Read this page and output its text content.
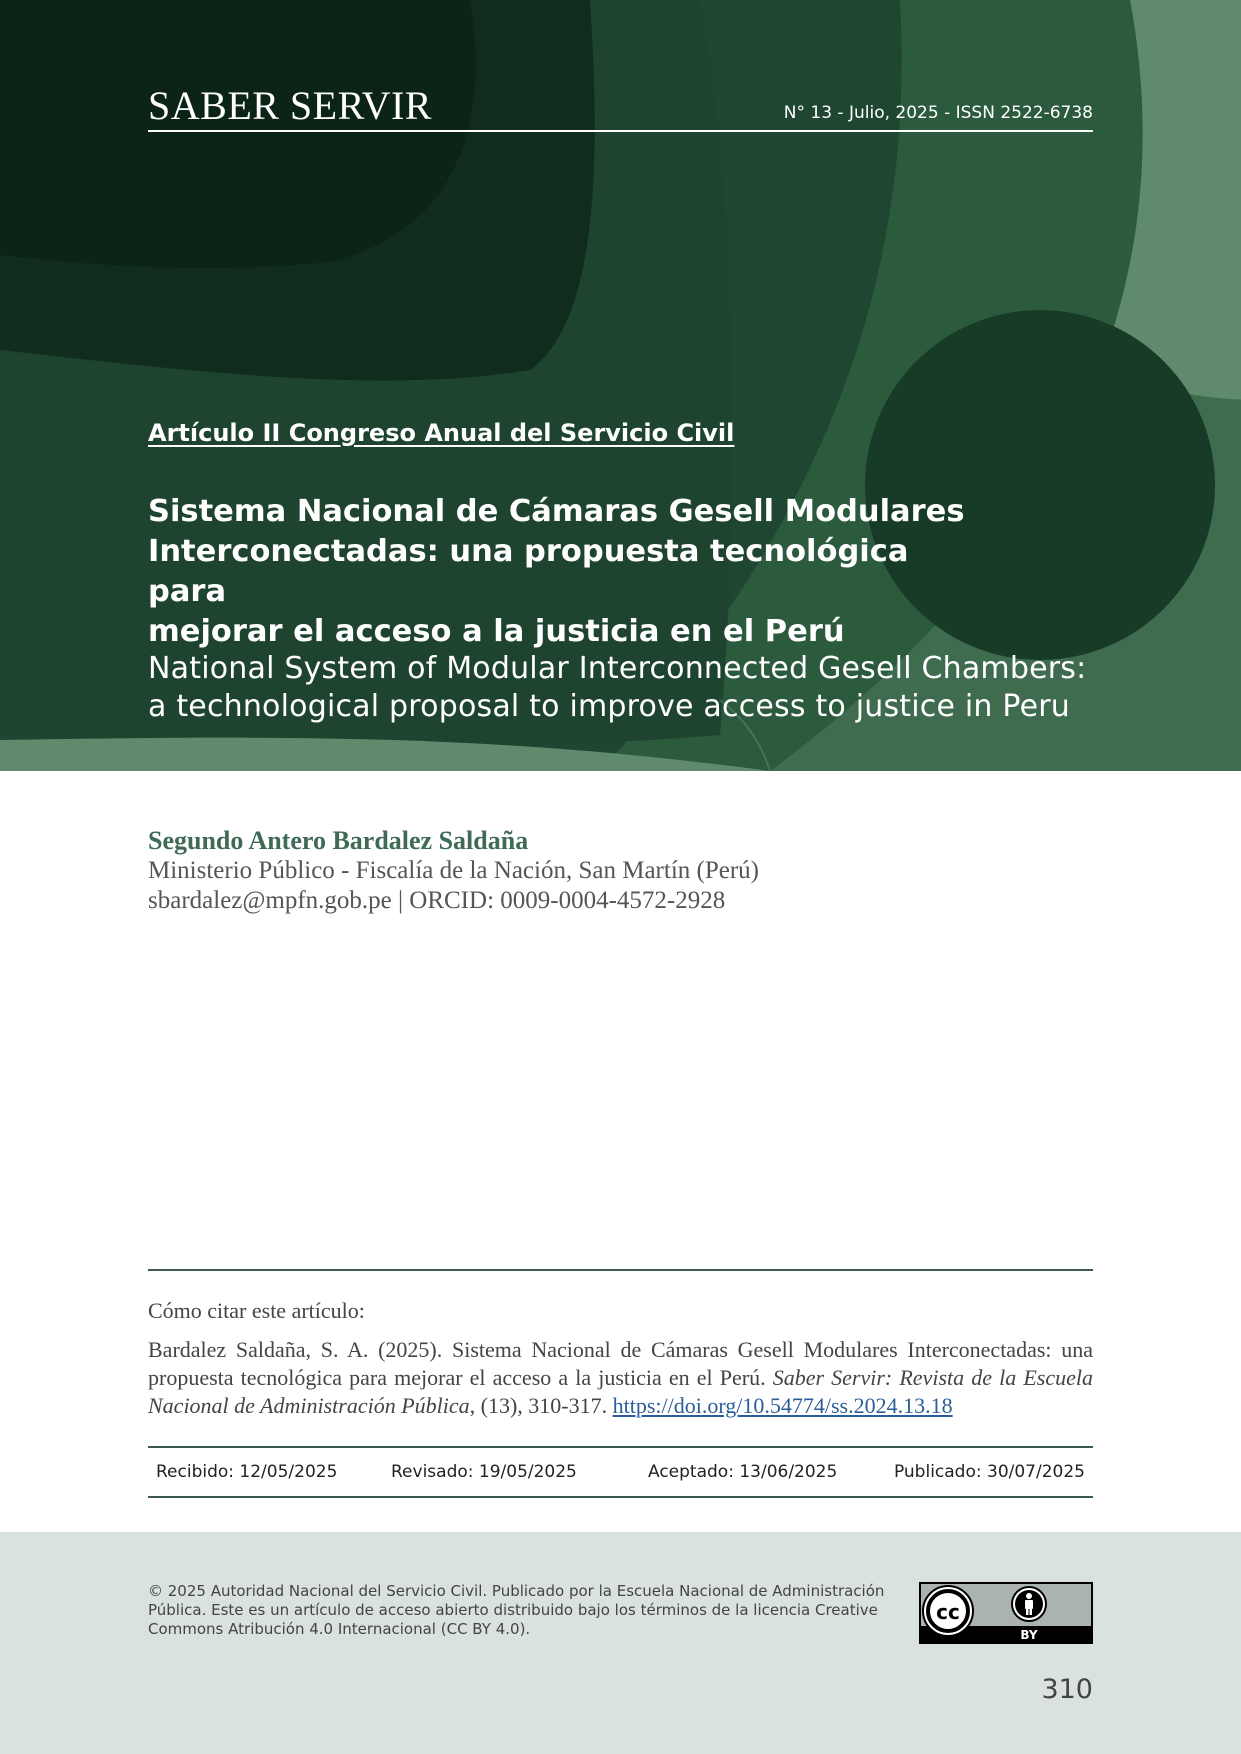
SABER SERVIR	N° 13 - Julio, 2025 - ISSN 2522-6738
Artículo II Congreso Anual del Servicio Civil
Sistema Nacional de Cámaras Gesell Modulares
Interconectadas: una propuesta tecnológica para
mejorar el acceso a la justicia en el Perú
National System of Modular Interconnected Gesell Chambers:
a technological proposal to improve access to justice in Peru
Segundo Antero Bardalez Saldaña
Ministerio Público - Fiscalía de la Nación, San Martín (Perú)
sbardalez@mpfn.gob.pe | ORCID: 0009-0004-4572-2928
Cómo citar este artículo:
Bardalez Saldaña, S. A. (2025). Sistema Nacional de Cámaras Gesell Modulares Interconectadas: una propuesta tecnológica para mejorar el acceso a la justicia en el Perú. Saber Servir: Revista de la Escuela Nacional de Administración Pública, (13), 310-317. https://doi.org/10.54774/ss.2024.13.18
Recibido: 12/05/2025	Revisado: 19/05/2025	Aceptado: 13/06/2025	Publicado: 30/07/2025
© 2025 Autoridad Nacional del Servicio Civil. Publicado por la Escuela Nacional de Administración Pública. Este es un artículo de acceso abierto distribuido bajo los términos de la licencia Creative Commons Atribución 4.0 Internacional (CC BY 4.0).
cc
BY
310
